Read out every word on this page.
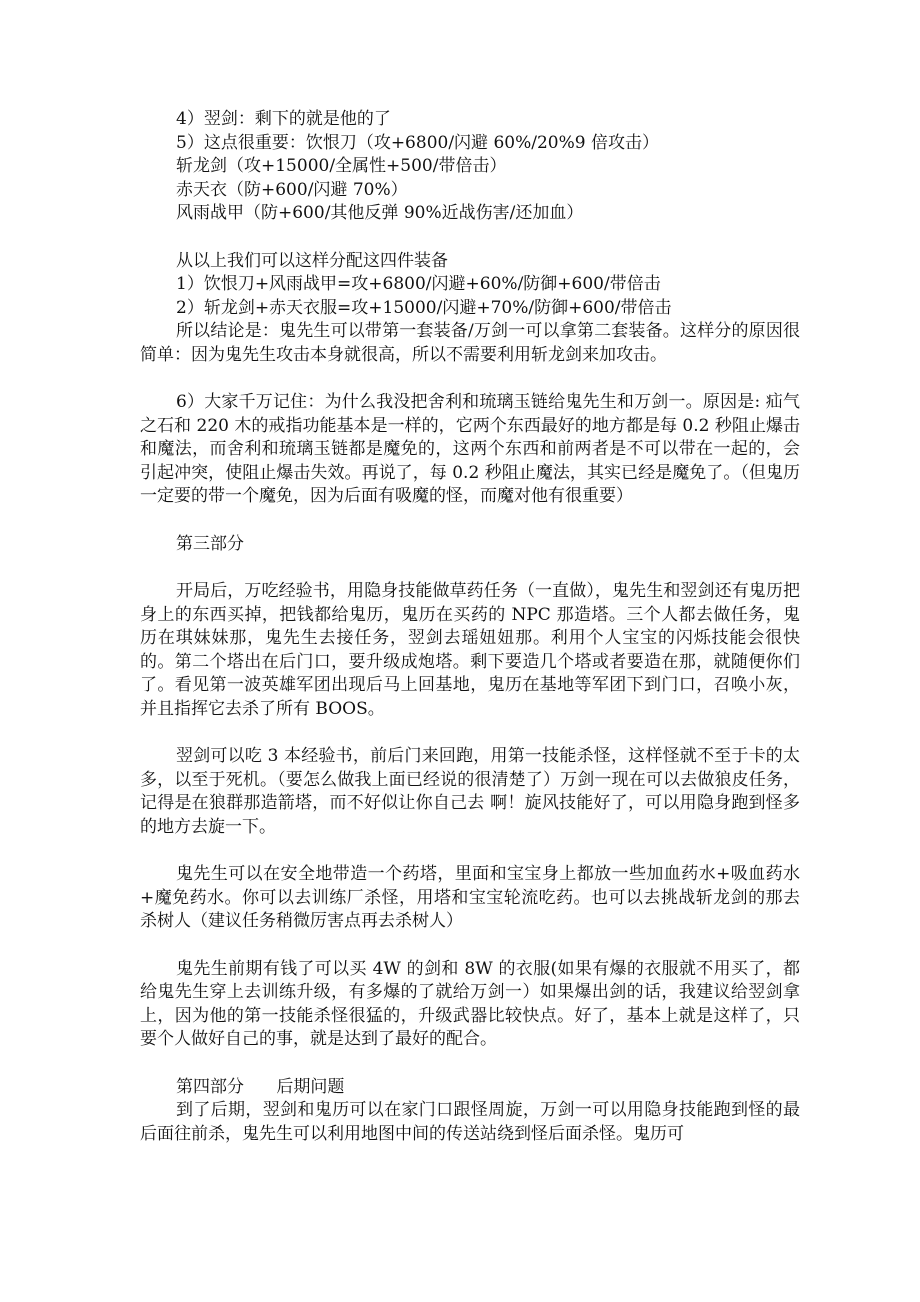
4）翌剑：剩下的就是他的了
5）这点很重要：饮恨刀（攻+6800/闪避 60%/20%9 倍攻击）
斩龙剑（攻+15000/全属性+500/带倍击）
赤天衣（防+600/闪避 70%）
风雨战甲（防+600/其他反弹 90%近战伤害/还加血）
从以上我们可以这样分配这四件装备
1）饮恨刀+风雨战甲=攻+6800/闪避+60%/防御+600/带倍击
2）斩龙剑+赤天衣服=攻+15000/闪避+70%/防御+600/带倍击

所以结论是：鬼先生可以带第一套装备/万剑一可以拿第二套装备。这样分的原因很简单：因为鬼先生攻击本身就很高，所以不需要利用斩龙剑来加攻击。

6）大家千万记住：为什么我没把舍利和琉璃玉链给鬼先生和万剑一。原因是: 疝气之石和 220 木的戒指功能基本是一样的，它两个东西最好的地方都是每 0.2 秒阻止爆击和魔法，而舍利和琉璃玉链都是魔免的，这两个东西和前两者是不可以带在一起的，会引起冲突，使阻止爆击失效。再说了，每 0.2 秒阻止魔法，其实已经是魔免了。（但鬼历一定要的带一个魔免，因为后面有吸魔的怪，而魔对他有很重要）

第三部分

开局后，万吃经验书，用隐身技能做草药任务（一直做），鬼先生和翌剑还有鬼历把身上的东西买掉，把钱都给鬼历，鬼历在买药的 NPC 那造塔。三个人都去做任务，鬼历在琪妹妹那，鬼先生去接任务，翌剑去瑶妞妞那。利用个人宝宝的闪烁技能会很快的。第二个塔出在后门口，要升级成炮塔。剩下要造几个塔或者要造在那，就随便你们了。看见第一波英雄军团出现后马上回基地，鬼历在基地等军团下到门口，召唤小灰，并且指挥它去杀了所有 BOOS。

翌剑可以吃 3 本经验书，前后门来回跑，用第一技能杀怪，这样怪就不至于卡的太多，以至于死机。（要怎么做我上面已经说的很清楚了）万剑一现在可以去做狼皮任务，记得是在狼群那造箭塔，而不好似让你自己去 啊！旋风技能好了，可以用隐身跑到怪多的地方去旋一下。

鬼先生可以在安全地带造一个药塔，里面和宝宝身上都放一些加血药水+吸血药水+魔免药水。你可以去训练厂杀怪，用塔和宝宝轮流吃药。也可以去挑战斩龙剑的那去杀树人（建议任务稍微厉害点再去杀树人）

鬼先生前期有钱了可以买 4W 的剑和 8W 的衣服(如果有爆的衣服就不用买了，都给鬼先生穿上去训练升级，有多爆的了就给万剑一）如果爆出剑的话，我建议给翌剑拿上，因为他的第一技能杀怪很猛的，升级武器比较快点。好了，基本上就是这样了，只要个人做好自己的事，就是达到了最好的配合。

第四部分      后期问题

到了后期，翌剑和鬼历可以在家门口跟怪周旋，万剑一可以用隐身技能跑到怪的最后面往前杀，鬼先生可以利用地图中间的传送站绕到怪后面杀怪。鬼历可
